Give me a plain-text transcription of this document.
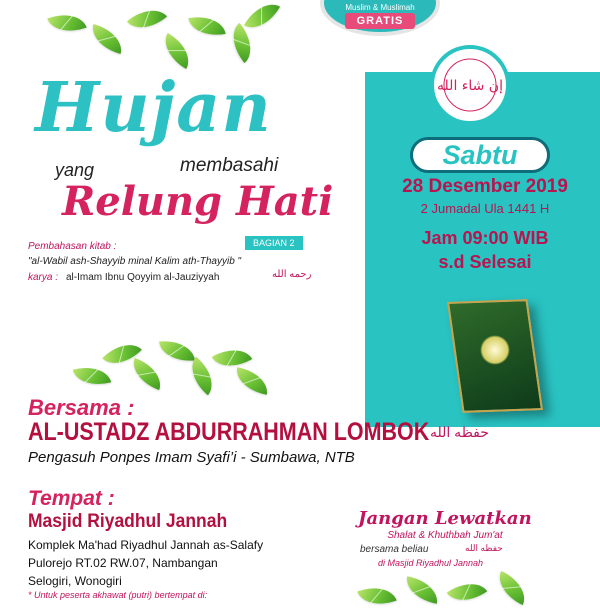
Muslim & Muslimah
GRATIS
إن شاء الله
Sabtu
28 Desember 2019
2 Jumadal Ula 1441 H
Jam 09:00 WIB
s.d Selesai
Hujan
yang	membasahi
Relung Hati
BAGIAN 2
Pembahasan kitab :
"al-Wabil ash-Shayyib minal Kalim ath-Thayyib "
karya : al-Imam Ibnu Qoyyim al-Jauziyyah	رحمه الله
Bersama :
AL-USTADZ ABDURRAHMAN LOMBOK حفظه الله
Pengasuh Ponpes Imam Syafi’i - Sumbawa, NTB
Tempat :
Masjid Riyadhul Jannah
Komplek Ma'had Riyadhul Jannah as-Salafy
Pulorejo RT.02 RW.07, Nambangan
Selogiri, Wonogiri
* Untuk peserta akhawat (putri) bertempat di:
Jangan Lewatkan
Shalat & Khuthbah Jum'at
bersama beliau	حفظه الله
di Masjid Riyadhul Jannah
